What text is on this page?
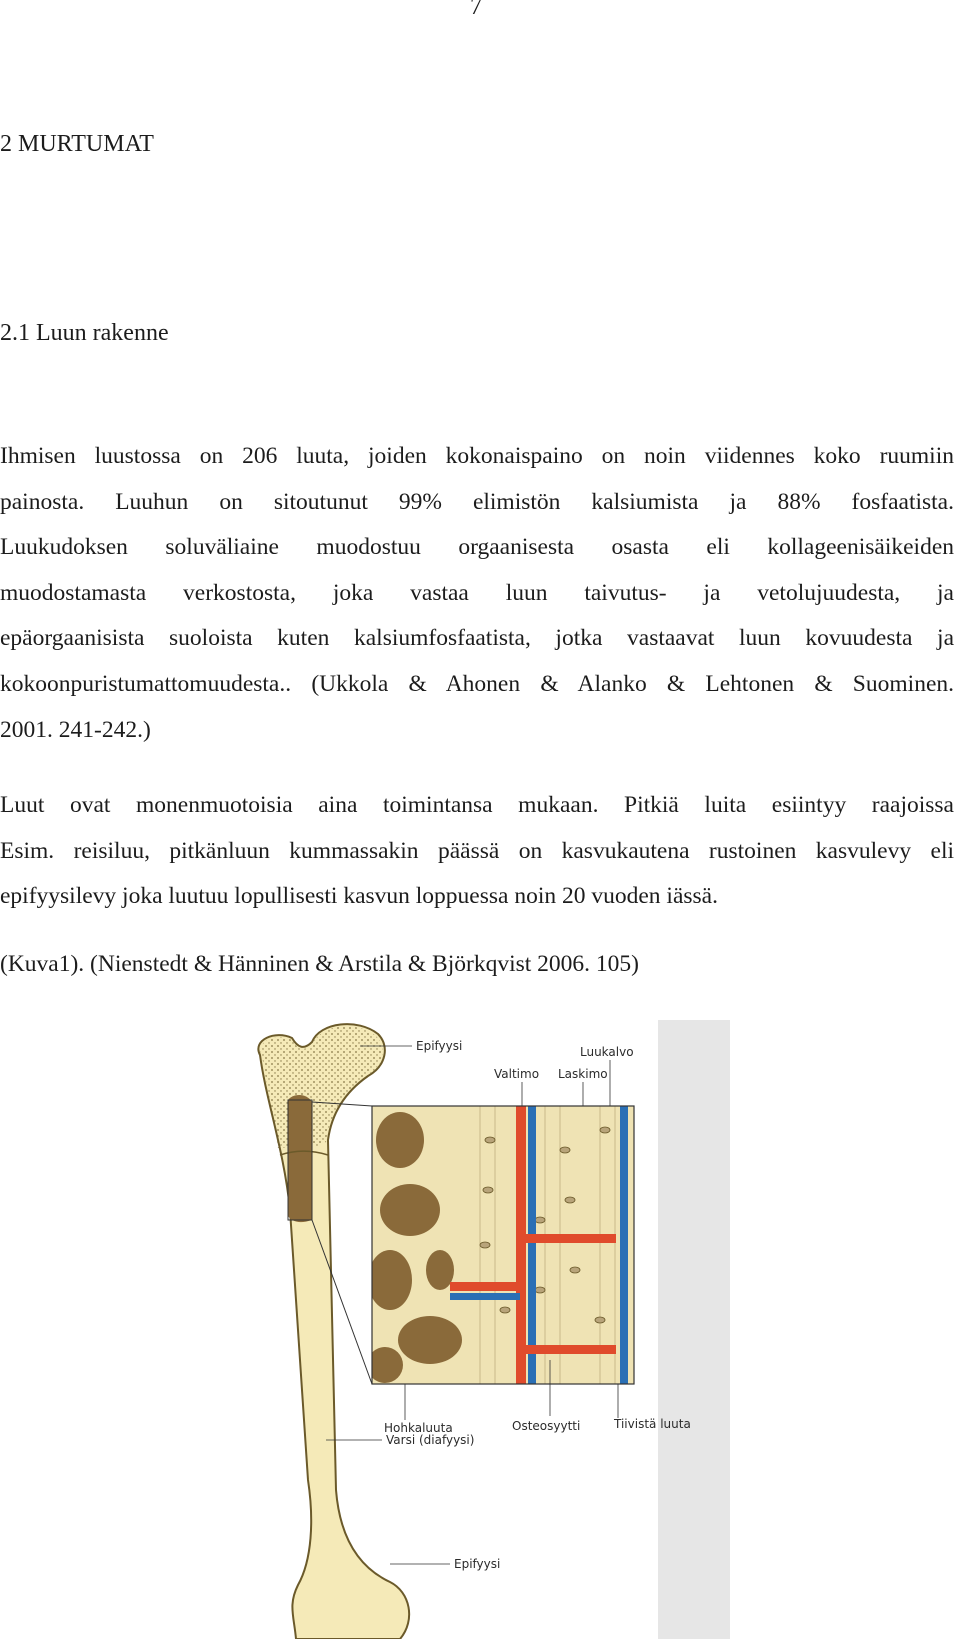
7
2 MURTUMAT
2.1 Luun rakenne
Ihmisen luustossa on 206 luuta, joiden kokonaispaino on noin viidennes koko ruumiin
painosta. Luuhun on sitoutunut 99% elimistön kalsiumista ja 88% fosfaatista.
Luukudoksen soluväliaine muodostuu orgaanisesta osasta eli kollageenisäikeiden
muodostamasta verkostosta, joka vastaa luun taivutus- ja vetolujuudesta, ja
epäorgaanisista suoloista kuten kalsiumfosfaatista, jotka vastaavat luun kovuudesta ja
kokoonpuristumattomuudesta.. (Ukkola & Ahonen & Alanko & Lehtonen & Suominen.
2001. 241-242.)
Luut ovat monenmuotoisia aina toimintansa mukaan. Pitkiä luita esiintyy raajoissa
Esim. reisiluu, pitkänluun kummassakin päässä on kasvukautena rustoinen kasvulevy eli
epifyysilevy joka luutuu lopullisesti kasvun loppuessa noin 20 vuoden iässä.
(Kuva1). (Nienstedt & Hänninen & Arstila & Björkqvist 2006. 105)
Epifyysi	Luukalvo
Valtimo Laskimo
Hohkaluuta	Osteosyytti	Tiivistä luuta
Varsi (diafyysi)
Epifyysi
